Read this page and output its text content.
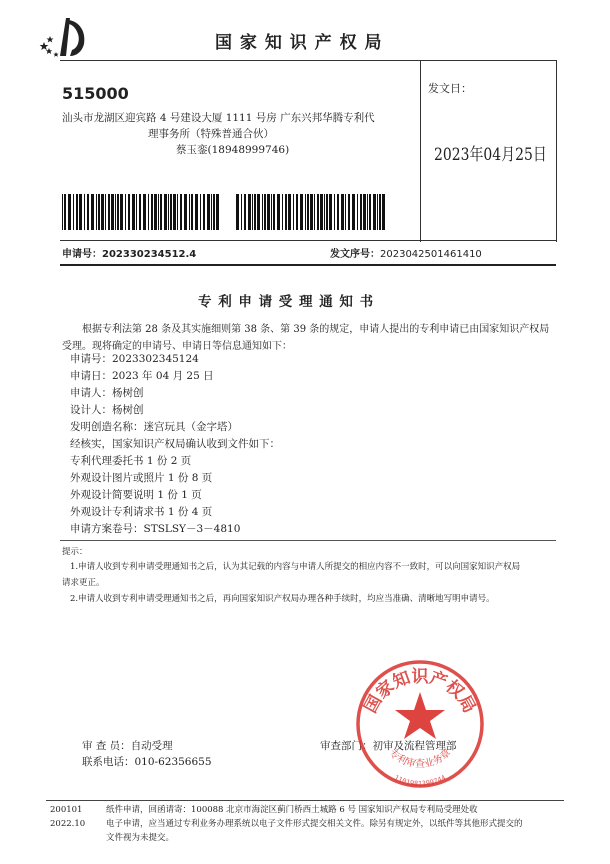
国 家 知 识 产 权 局
515000
汕头市龙湖区迎宾路 4 号建设大厦 1111 号房 广东兴邦华腾专利代
理事务所（特殊普通合伙）
蔡玉銮(18948999746)
发文日：
2023年04月25日
申请号：202330234512.4	发文序号：2023042501461410
专 利 申 请 受 理 通 知 书
根据专利法第 28 条及其实施细则第 38 条、第 39 条的规定，申请人提出的专利申请已由国家知识产权局
受理。现将确定的申请号、申请日等信息通知如下：
申请号：2023302345124
申请日：2023 年 04 月 25 日
申请人：杨树创
设计人：杨树创
发明创造名称：迷宫玩具（金字塔）
经核实，国家知识产权局确认收到文件如下：
专利代理委托书 1 份 2 页
外观设计图片或照片 1 份 8 页
外观设计简要说明 1 份 1 页
外观设计专利请求书 1 份 4 页
申请方案卷号：STSLSY－3－4810
提示：
1.申请人收到专利申请受理通知书之后，认为其记载的内容与申请人所提交的相应内容不一致时，可以向国家知识产权局
请求更正。
2.申请人收到专利申请受理通知书之后，再向国家知识产权局办理各种手续时，均应当准确、清晰地写明申请号。
审 查 员：自动受理
联系电话：010-62356655
审查部门：初审及流程管理部
国家知识产权局
专利审查业务章
1101981399744
200101
2022.10
纸件申请，回函请寄：100088 北京市海淀区蓟门桥西土城路 6 号 国家知识产权局专利局受理处收
电子申请，应当通过专利业务办理系统以电子文件形式提交相关文件。除另有规定外，以纸件等其他形式提交的
文件视为未提交。
